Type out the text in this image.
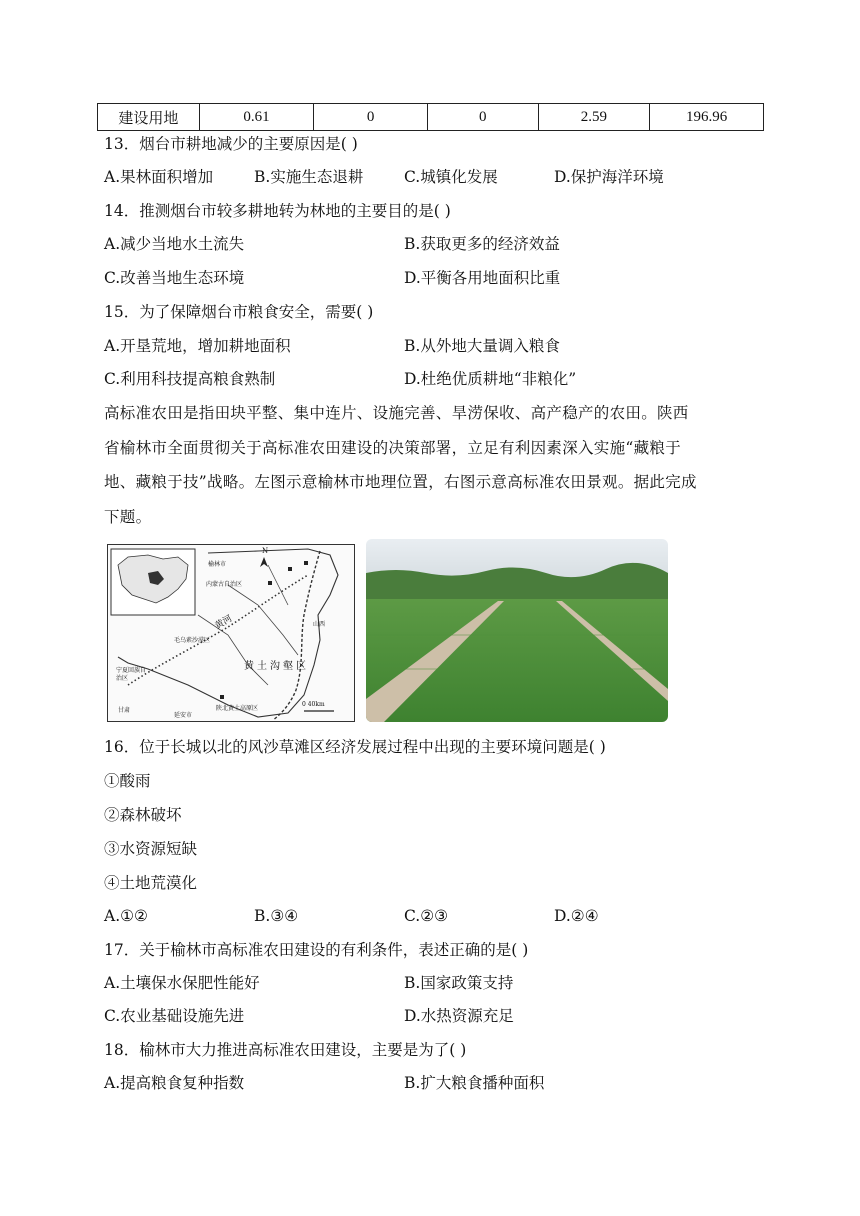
建设用地	0.61	0	0	2.59	196.96
13．烟台市耕地减少的主要原因是( )
A.果林面积增加	B.实施生态退耕	C.城镇化发展	D.保护海洋环境
14．推测烟台市较多耕地转为林地的主要目的是( )
A.减少当地水土流失	B.获取更多的经济效益
C.改善当地生态环境	D.平衡各用地面积比重
15．为了保障烟台市粮食安全，需要( )
A.开垦荒地，增加耕地面积	B.从外地大量调入粮食
C.利用科技提高粮食熟制	D.杜绝优质耕地“非粮化”

高标准农田是指田块平整、集中连片、设施完善、旱涝保收、高产稳产的农田。陕西

省榆林市全面贯彻关于高标准农田建设的决策部署，立足有利因素深入实施“藏粮于

地、藏粮于技”战略。左图示意榆林市地理位置，右图示意高标准农田景观。据此完成

下题。

N
榆林市
内蒙古自治区
山西
毛乌素沙漠区
宁夏回族自治区
甘肃
黄土沟壑区
陕北黄土高原区
延安市
黄河
0 40km
16．位于长城以北的风沙草滩区经济发展过程中出现的主要环境问题是( )
①酸雨
②森林破坏
③水资源短缺
④土地荒漠化
A.①②	B.③④	C.②③	D.②④
17．关于榆林市高标准农田建设的有利条件，表述正确的是( )
A.土壤保水保肥性能好	B.国家政策支持
C.农业基础设施先进	D.水热资源充足
18．榆林市大力推进高标准农田建设，主要是为了( )
A.提高粮食复种指数	B.扩大粮食播种面积
